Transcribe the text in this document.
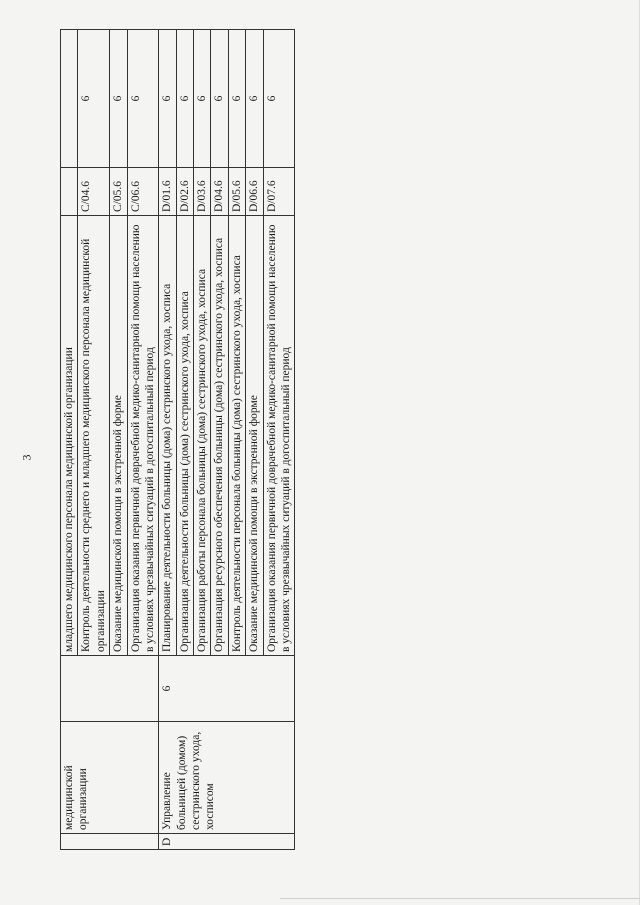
3
	медицинской организации		младшего медицинского персонала медицинской организации		
			Контроль деятельности среднего и младшего медицинского персонала медицинской организации	C/04.6	6
			Оказание медицинской помощи в экстренной форме	C/05.6	6
			Организация оказания первичной доврачебной медико-санитарной помощи населению в условиях чрезвычайных ситуаций в догоспитальный период	C/06.6	6
D	Управление больницей (домом) сестринского ухода, хосписом	6	Планирование деятельности больницы (дома) сестринского ухода, хосписа	D/01.6	6
			Организация деятельности больницы (дома) сестринского ухода, хосписа	D/02.6	6
			Организация работы персонала больницы (дома) сестринского ухода, хосписа	D/03.6	6
			Организация ресурсного обеспечения больницы (дома) сестринского ухода, хосписа	D/04.6	6
			Контроль деятельности персонала больницы (дома) сестринского ухода, хосписа	D/05.6	6
			Оказание медицинской помощи в экстренной форме	D/06.6	6
			Организация оказания первичной доврачебной медико-санитарной помощи населению в условиях чрезвычайных ситуаций в догоспитальный период	D/07.6	6
